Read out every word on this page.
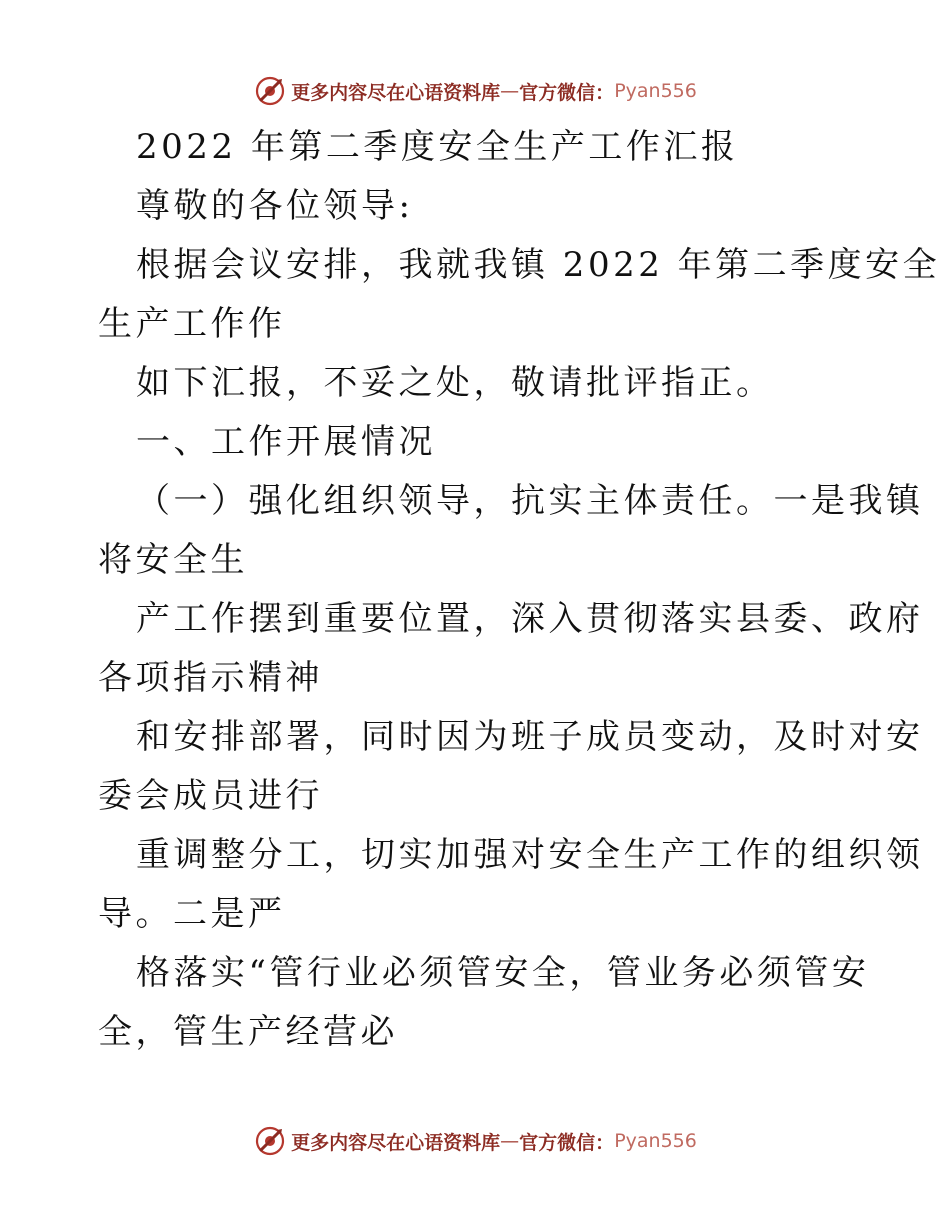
更多内容尽在心语资料库 — 官方微信： Pyan556
2022 年第二季度安全生产工作汇报
尊敬的各位领导:
根据会议安排，我就我镇 2022 年第二季度安全
生产工作作
如下汇报，不妥之处，敬请批评指正。
一、工作开展情况
（一）强化组织领导，抗实主体责任。一是我镇
将安全生
产工作摆到重要位置，深入贯彻落实县委、政府
各项指示精神
和安排部署，同时因为班子成员变动，及时对安
委会成员进行
重调整分工，切实加强对安全生产工作的组织领
导。二是严
格落实“管行业必须管安全，管业务必须管安
全，管生产经营必
更多内容尽在心语资料库 — 官方微信： Pyan556
